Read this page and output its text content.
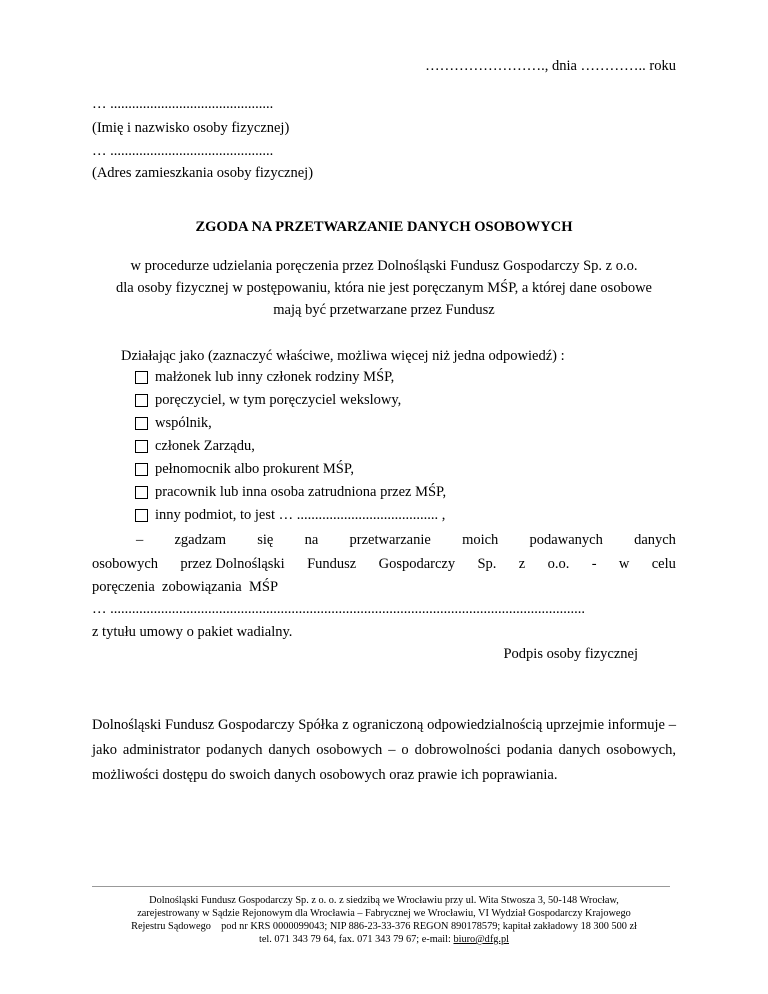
……………………., dnia ………….. roku
… .............................................
(Imię i nazwisko osoby fizycznej)
… .............................................
(Adres zamieszkania osoby fizycznej)
ZGODA NA PRZETWARZANIE DANYCH OSOBOWYCH
w procedurze udzielania poręczenia przez Dolnośląski Fundusz Gospodarczy Sp. z o.o.
dla osoby fizycznej w postępowaniu, która nie jest poręczanym MŚP, a której dane osobowe
mają być przetwarzane przez Fundusz
Działając jako (zaznaczyć właściwe, możliwa więcej niż jedna odpowiedź) :
małżonek lub inny członek rodziny MŚP,
poręczyciel, w tym poręczyciel wekslowy,
wspólnik,
członek Zarządu,
pełnomocnik albo prokurent MŚP,
pracownik lub inna osoba zatrudniona przez MŚP,
inny podmiot, to jest … ....................................... ,
– zgadzam się na przetwarzanie moich podawanych danych
osobowych przez Dolnośląski Fundusz Gospodarczy Sp. z o.o. - w celu
poręczenia  zobowiązania  MŚP
… ...................................................................................................................................
z tytułu umowy o pakiet wadialny.
Podpis osoby fizycznej
Dolnośląski Fundusz Gospodarczy Spółka z ograniczoną odpowiedzialnością uprzejmie informuje – jako administrator podanych danych osobowych – o dobrowolności podania danych osobowych, możliwości dostępu do swoich danych osobowych oraz prawie ich poprawiania.
Dolnośląski Fundusz Gospodarczy Sp. z o. o. z siedzibą we Wrocławiu przy ul. Wita Stwosza 3, 50-148 Wrocław,
zarejestrowany w Sądzie Rejonowym dla Wrocławia – Fabrycznej we Wrocławiu, VI Wydział Gospodarczy Krajowego
Rejestru Sądowego    pod nr KRS 0000099043; NIP 886-23-33-376 REGON 890178579; kapitał zakładowy 18 300 500 zł
tel. 071 343 79 64, fax. 071 343 79 67; e-mail: biuro@dfg.pl
